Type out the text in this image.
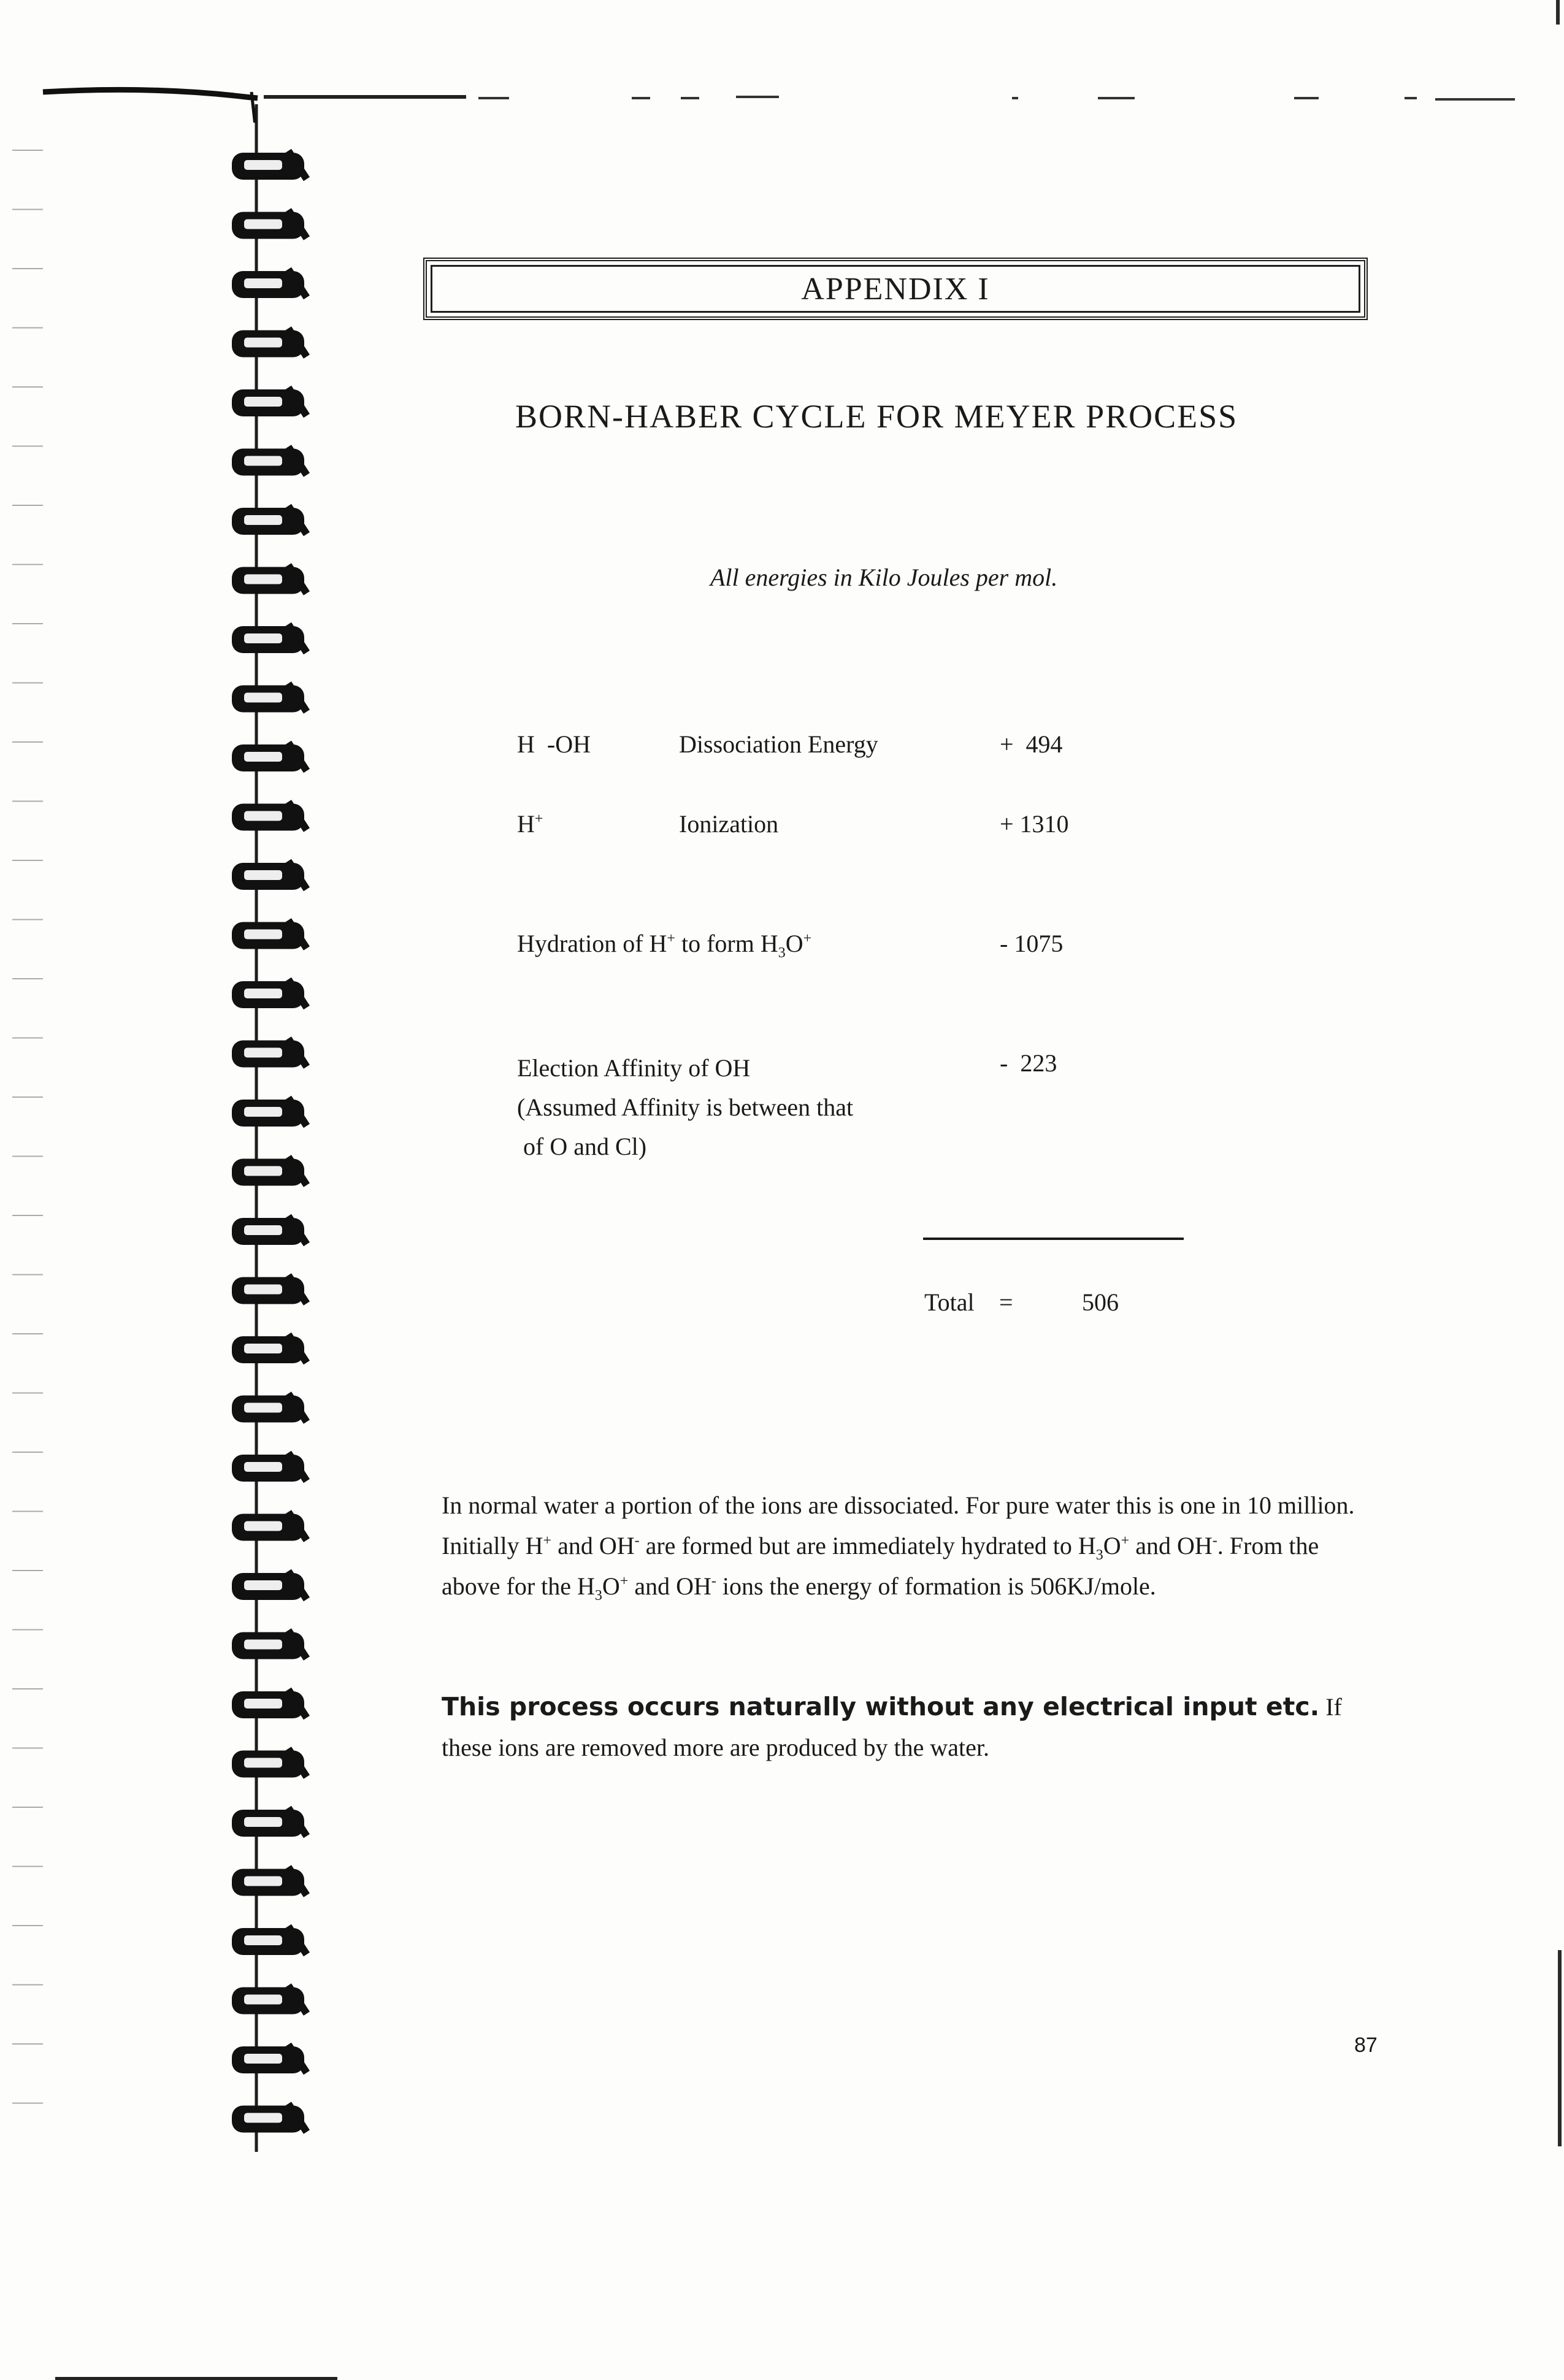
APPENDIX I
BORN-HABER CYCLE FOR MEYER PROCESS
All energies in Kilo Joules per mol.
H  -OH	Dissociation Energy	+  494
H+	Ionization	+ 1310
Hydration of H+ to form $H_3O^+$	- 1075
Election Affinity of OH
(Assumed Affinity is between that
of O and Cl)
-  223
Total =	506
In normal water a portion of the ions are dissociated. For pure water this is one in 10 million. Initially H+ and OH- are formed but are immediately hydrated to $H_3O^+$ and OH-. From the above for the $H_3O^+$ and OH- ions the energy of formation is 506KJ/mole.
This process occurs naturally without any electrical input etc. If these ions are removed more are produced by the water.
87
